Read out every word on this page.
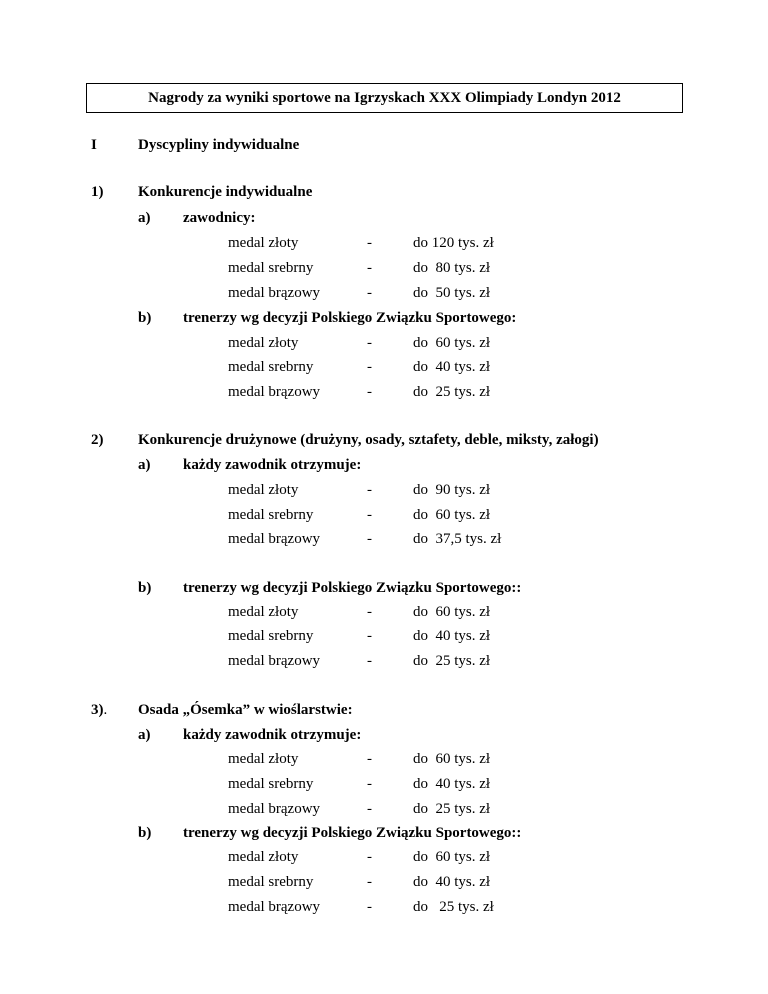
Nagrody za wyniki sportowe na Igrzyskach XXX Olimpiady Londyn 2012
I	Dyscypliny indywidualne
1) Konkurencje indywidualne
a) zawodnicy:
medal złoty	-	do 120 tys. zł
medal srebrny	-	do  80 tys. zł
medal brązowy	-	do  50 tys. zł
b) trenerzy wg decyzji Polskiego Związku Sportowego:
medal złoty	-	do  60 tys. zł
medal srebrny	-	do  40 tys. zł
medal brązowy	-	do  25 tys. zł
2) Konkurencje drużynowe (drużyny, osady, sztafety, deble, miksty, załogi)
a) każdy zawodnik otrzymuje:
medal złoty	-	do  90 tys. zł
medal srebrny	-	do  60 tys. zł
medal brązowy	-	do  37,5 tys. zł
b) trenerzy wg decyzji Polskiego Związku Sportowego::
medal złoty	-	do  60 tys. zł
medal srebrny	-	do  40 tys. zł
medal brązowy	-	do  25 tys. zł
3). Osada „Ósemka” w wioślarstwie:
a) każdy zawodnik otrzymuje:
medal złoty	-	do  60 tys. zł
medal srebrny	-	do  40 tys. zł
medal brązowy	-	do  25 tys. zł
b) trenerzy wg decyzji Polskiego Związku Sportowego::
medal złoty	-	do  60 tys. zł
medal srebrny	-	do  40 tys. zł
medal brązowy	-	do   25 tys. zł
